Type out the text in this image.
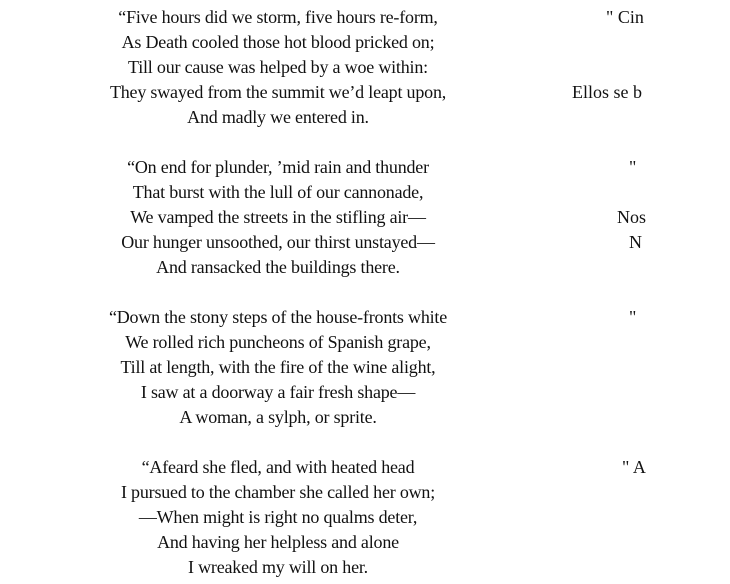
“Five hours did we storm, five hours re-form,
As Death cooled those hot blood pricked on;
Till our cause was helped by a woe within:
They swayed from the summit we’d leapt upon,
And madly we entered in.
“On end for plunder, ’mid rain and thunder
That burst with the lull of our cannonade,
We vamped the streets in the stifling air—
Our hunger unsoothed, our thirst unstayed—
And ransacked the buildings there.
“Down the stony steps of the house-fronts white
We rolled rich puncheons of Spanish grape,
Till at length, with the fire of the wine alight,
I saw at a doorway a fair fresh shape—
A woman, a sylph, or sprite.
“Afeard she fled, and with heated head
I pursued to the chamber she called her own;
—When might is right no qualms deter,
And having her helpless and alone
I wreaked my will on her.
" Cin
Ellos se b
"
Nos
N
"
" A
